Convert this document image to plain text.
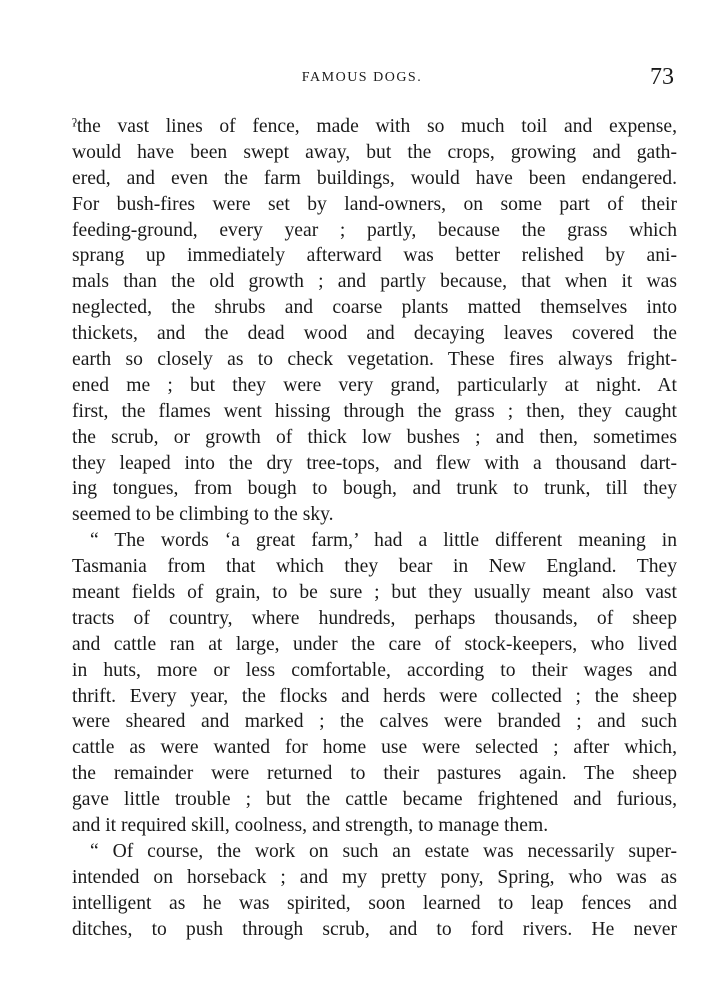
FAMOUS DOGS.	73
ˀthe vast lines of fence, made with so much toil and expense,
would have been swept away, but the crops, growing and gath-
ered, and even the farm buildings, would have been endangered.
For bush-fires were set by land-owners, on some part of their
feeding-ground, every year ; partly, because the grass which
sprang up immediately afterward was better relished by ani-
mals than the old growth ; and partly because, that when it was
neglected, the shrubs and coarse plants matted themselves into
thickets, and the dead wood and decaying leaves covered the
earth so closely as to check vegetation. These fires always fright-
ened me ; but they were very grand, particularly at night. At
first, the flames went hissing through the grass ; then, they caught
the scrub, or growth of thick low bushes ; and then, sometimes
they leaped into the dry tree-tops, and flew with a thousand dart-
ing tongues, from bough to bough, and trunk to trunk, till they
seemed to be climbing to the sky.
“ The words ‘a great farm,’ had a little different meaning in
Tasmania from that which they bear in New England. They
meant fields of grain, to be sure ; but they usually meant also vast
tracts of country, where hundreds, perhaps thousands, of sheep
and cattle ran at large, under the care of stock-keepers, who lived
in huts, more or less comfortable, according to their wages and
thrift. Every year, the flocks and herds were collected ; the sheep
were sheared and marked ; the calves were branded ; and such
cattle as were wanted for home use were selected ; after which,
the remainder were returned to their pastures again. The sheep
gave little trouble ; but the cattle became frightened and furious,
and it required skill, coolness, and strength, to manage them.
“ Of course, the work on such an estate was necessarily super-
intended on horseback ; and my pretty pony, Spring, who was as
intelligent as he was spirited, soon learned to leap fences and
ditches, to push through scrub, and to ford rivers. He never
